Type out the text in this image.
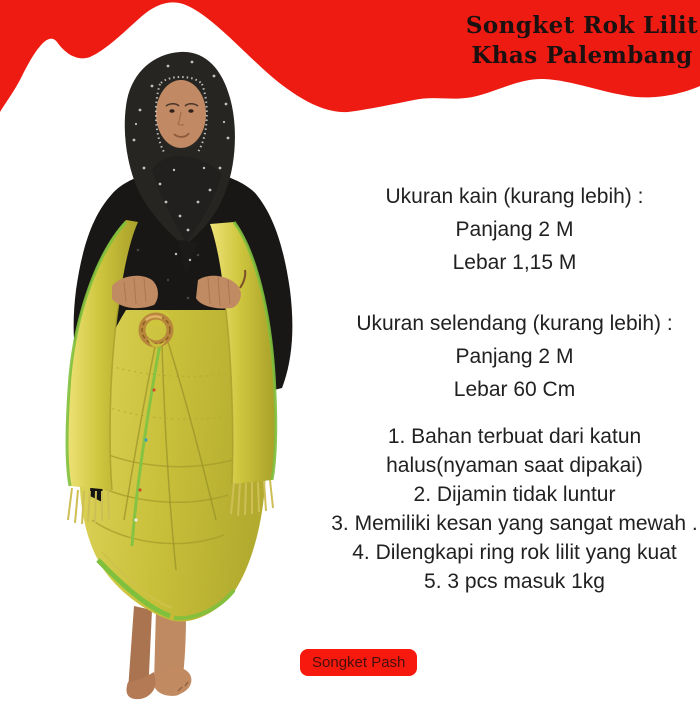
Songket Rok Lilit
Khas Palembang
Ukuran kain (kurang lebih) :
Panjang 2 M
Lebar 1,15 M
Ukuran selendang (kurang lebih) :
Panjang 2 M
Lebar 60 Cm
1. Bahan terbuat dari katun halus(nyaman saat dipakai)
2. Dijamin tidak luntur
3. Memiliki kesan yang sangat mewah .
4. Dilengkapi ring rok lilit yang kuat
5. 3 pcs masuk 1kg
Songket Pash
